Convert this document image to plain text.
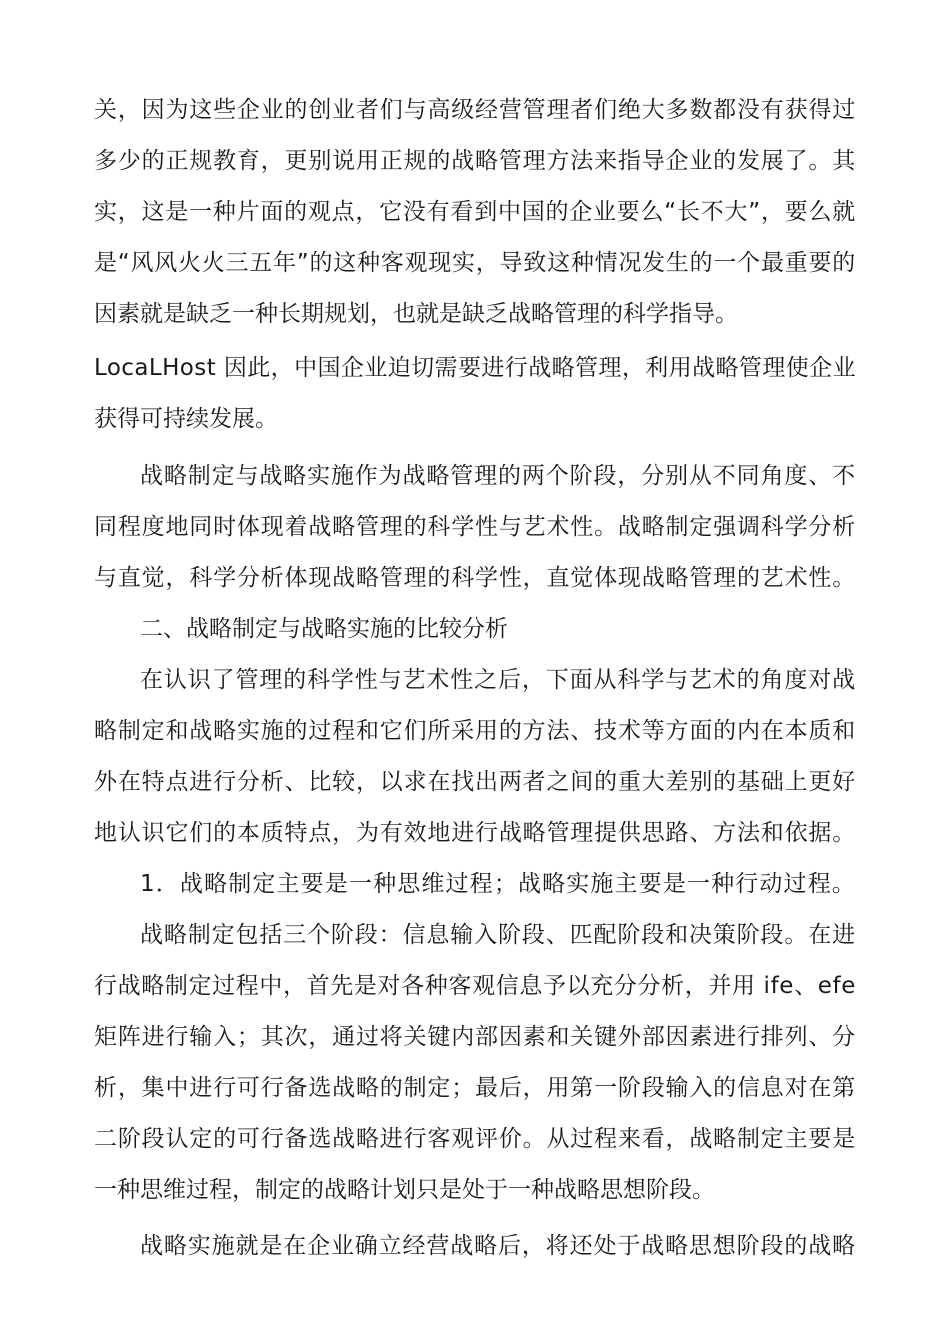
关，因为这些企业的创业者们与高级经营管理者们绝大多数都没有获得过
多少的正规教育，更别说用正规的战略管理方法来指导企业的发展了。其
实，这是一种片面的观点，它没有看到中国的企业要么“长不大”，要么就
是“风风火火三五年”的这种客观现实，导致这种情况发生的一个最重要的
因素就是缺乏一种长期规划，也就是缺乏战略管理的科学指导。
LocaLHost 因此，中国企业迫切需要进行战略管理，利用战略管理使企业
获得可持续发展。
战略制定与战略实施作为战略管理的两个阶段，分别从不同角度、不
同程度地同时体现着战略管理的科学性与艺术性。战略制定强调科学分析
与直觉，科学分析体现战略管理的科学性，直觉体现战略管理的艺术性。
二、战略制定与战略实施的比较分析
在认识了管理的科学性与艺术性之后，下面从科学与艺术的角度对战
略制定和战略实施的过程和它们所采用的方法、技术等方面的内在本质和
外在特点进行分析、比较，以求在找出两者之间的重大差别的基础上更好
地认识它们的本质特点，为有效地进行战略管理提供思路、方法和依据。
1．战略制定主要是一种思维过程；战略实施主要是一种行动过程。
战略制定包括三个阶段：信息输入阶段、匹配阶段和决策阶段。在进
行战略制定过程中，首先是对各种客观信息予以充分分析，并用 ife、efe
矩阵进行输入；其次，通过将关键内部因素和关键外部因素进行排列、分
析，集中进行可行备选战略的制定；最后，用第一阶段输入的信息对在第
二阶段认定的可行备选战略进行客观评价。从过程来看，战略制定主要是
一种思维过程，制定的战略计划只是处于一种战略思想阶段。
战略实施就是在企业确立经营战略后，将还处于战略思想阶段的战略
